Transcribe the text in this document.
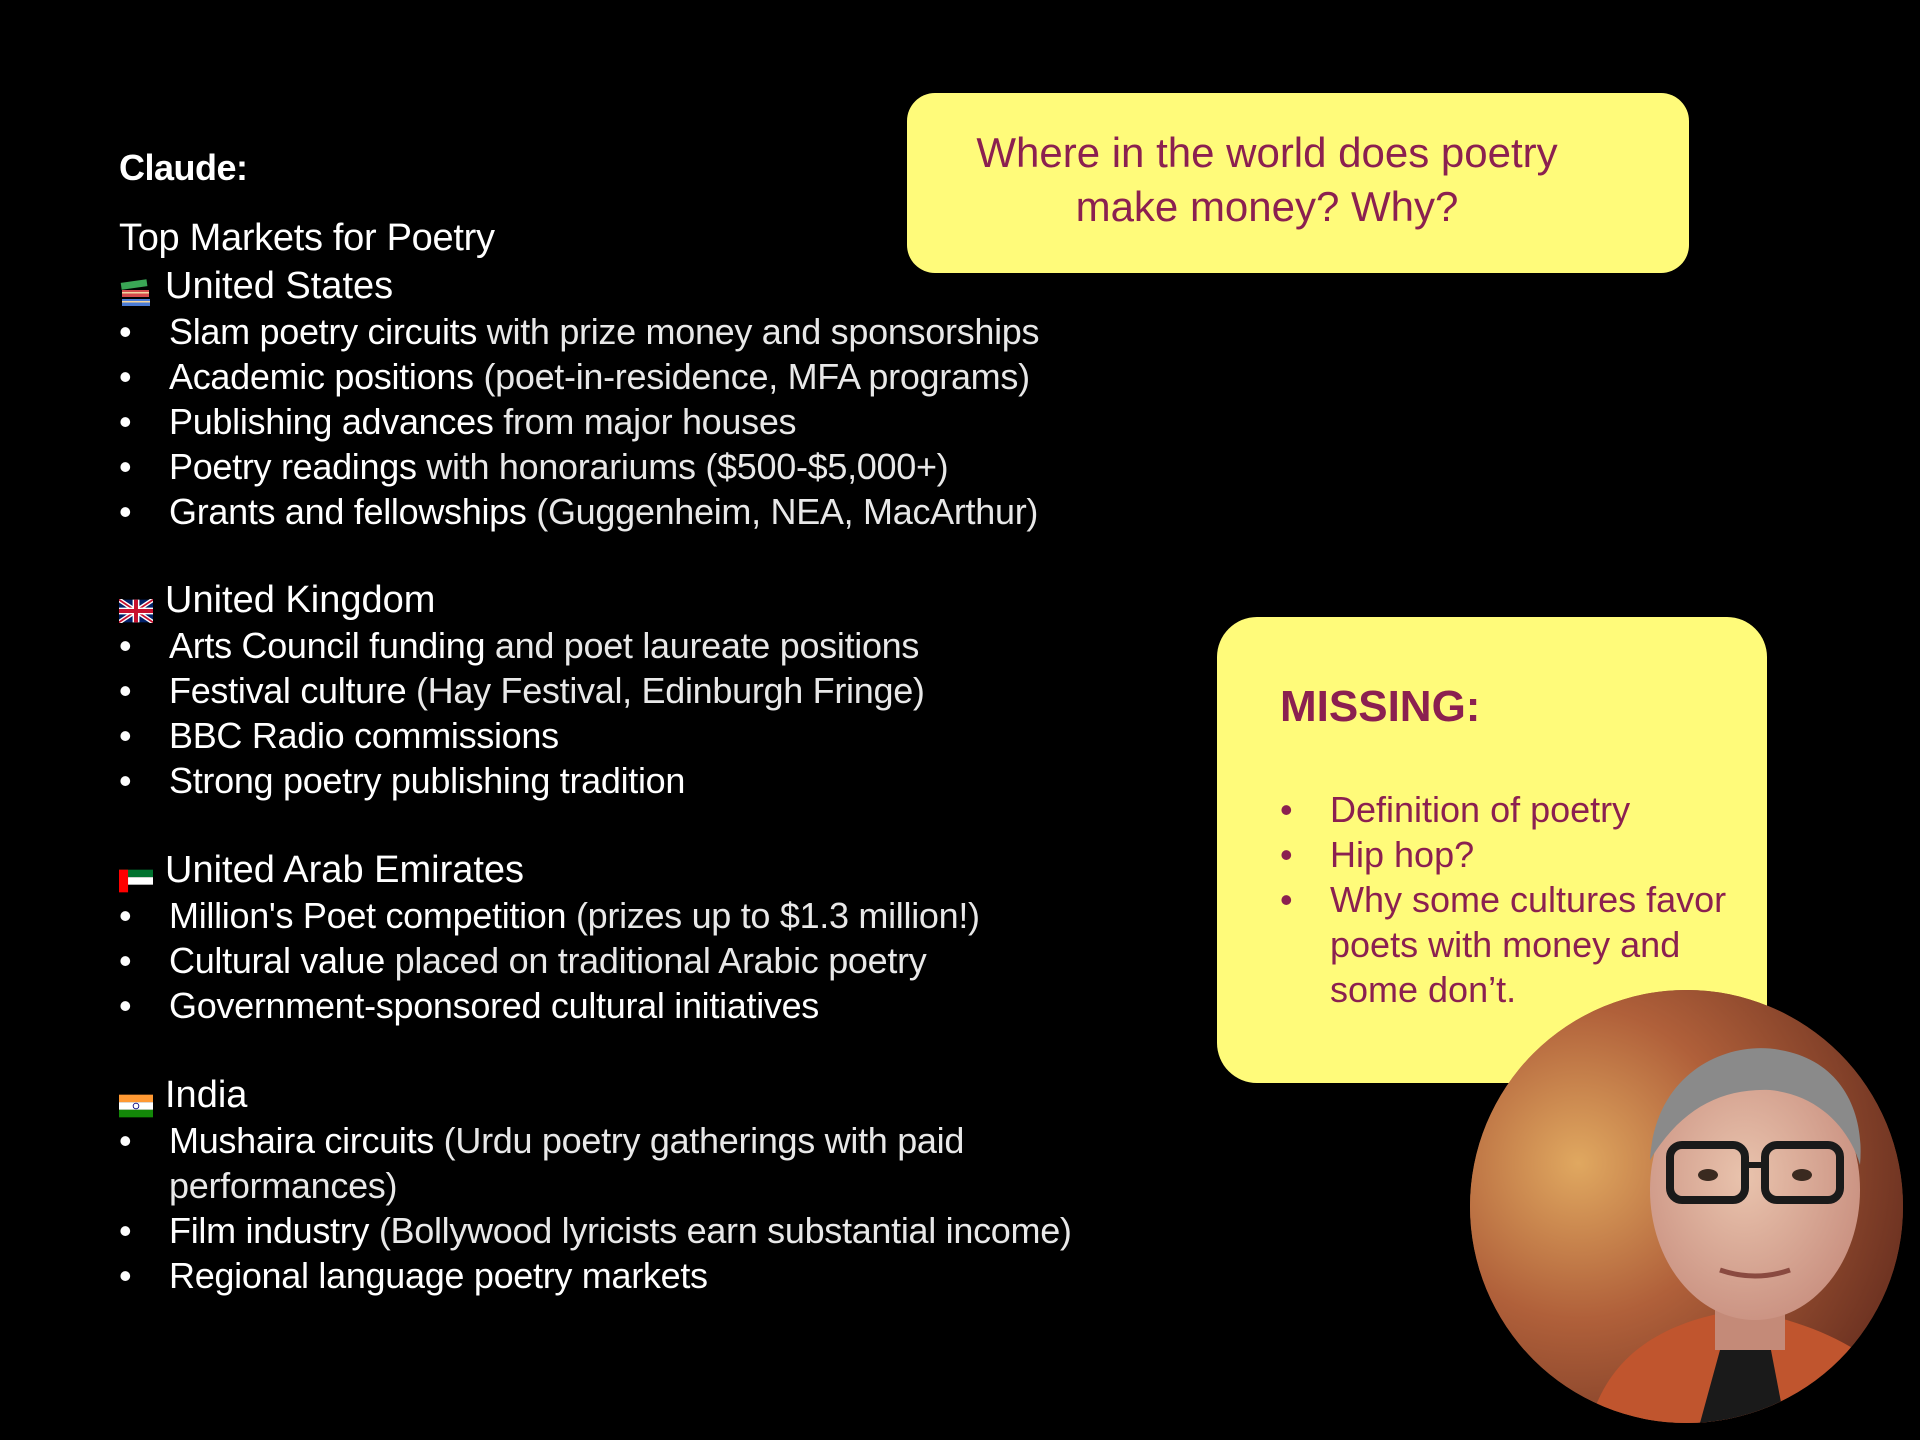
Claude:
Top Markets for Poetry
United States
• Slam poetry circuits with prize money and sponsorships
• Academic positions (poet-in-residence, MFA programs)
• Publishing advances from major houses
• Poetry readings with honorariums ($500-$5,000+)
• Grants and fellowships (Guggenheim, NEA, MacArthur)
United Kingdom
• Arts Council funding and poet laureate positions
• Festival culture (Hay Festival, Edinburgh Fringe)
• BBC Radio commissions
• Strong poetry publishing tradition
United Arab Emirates
• Million's Poet competition (prizes up to $1.3 million!)
• Cultural value placed on traditional Arabic poetry
• Government-sponsored cultural initiatives
India
• Mushaira circuits (Urdu poetry gatherings with paid performances)
• Film industry (Bollywood lyricists earn substantial income)
• Regional language poetry markets
Where in the world does poetry
make money? Why?
MISSING:
• Definition of poetry
• Hip hop?
• Why some cultures favor poets with money and some don’t.
